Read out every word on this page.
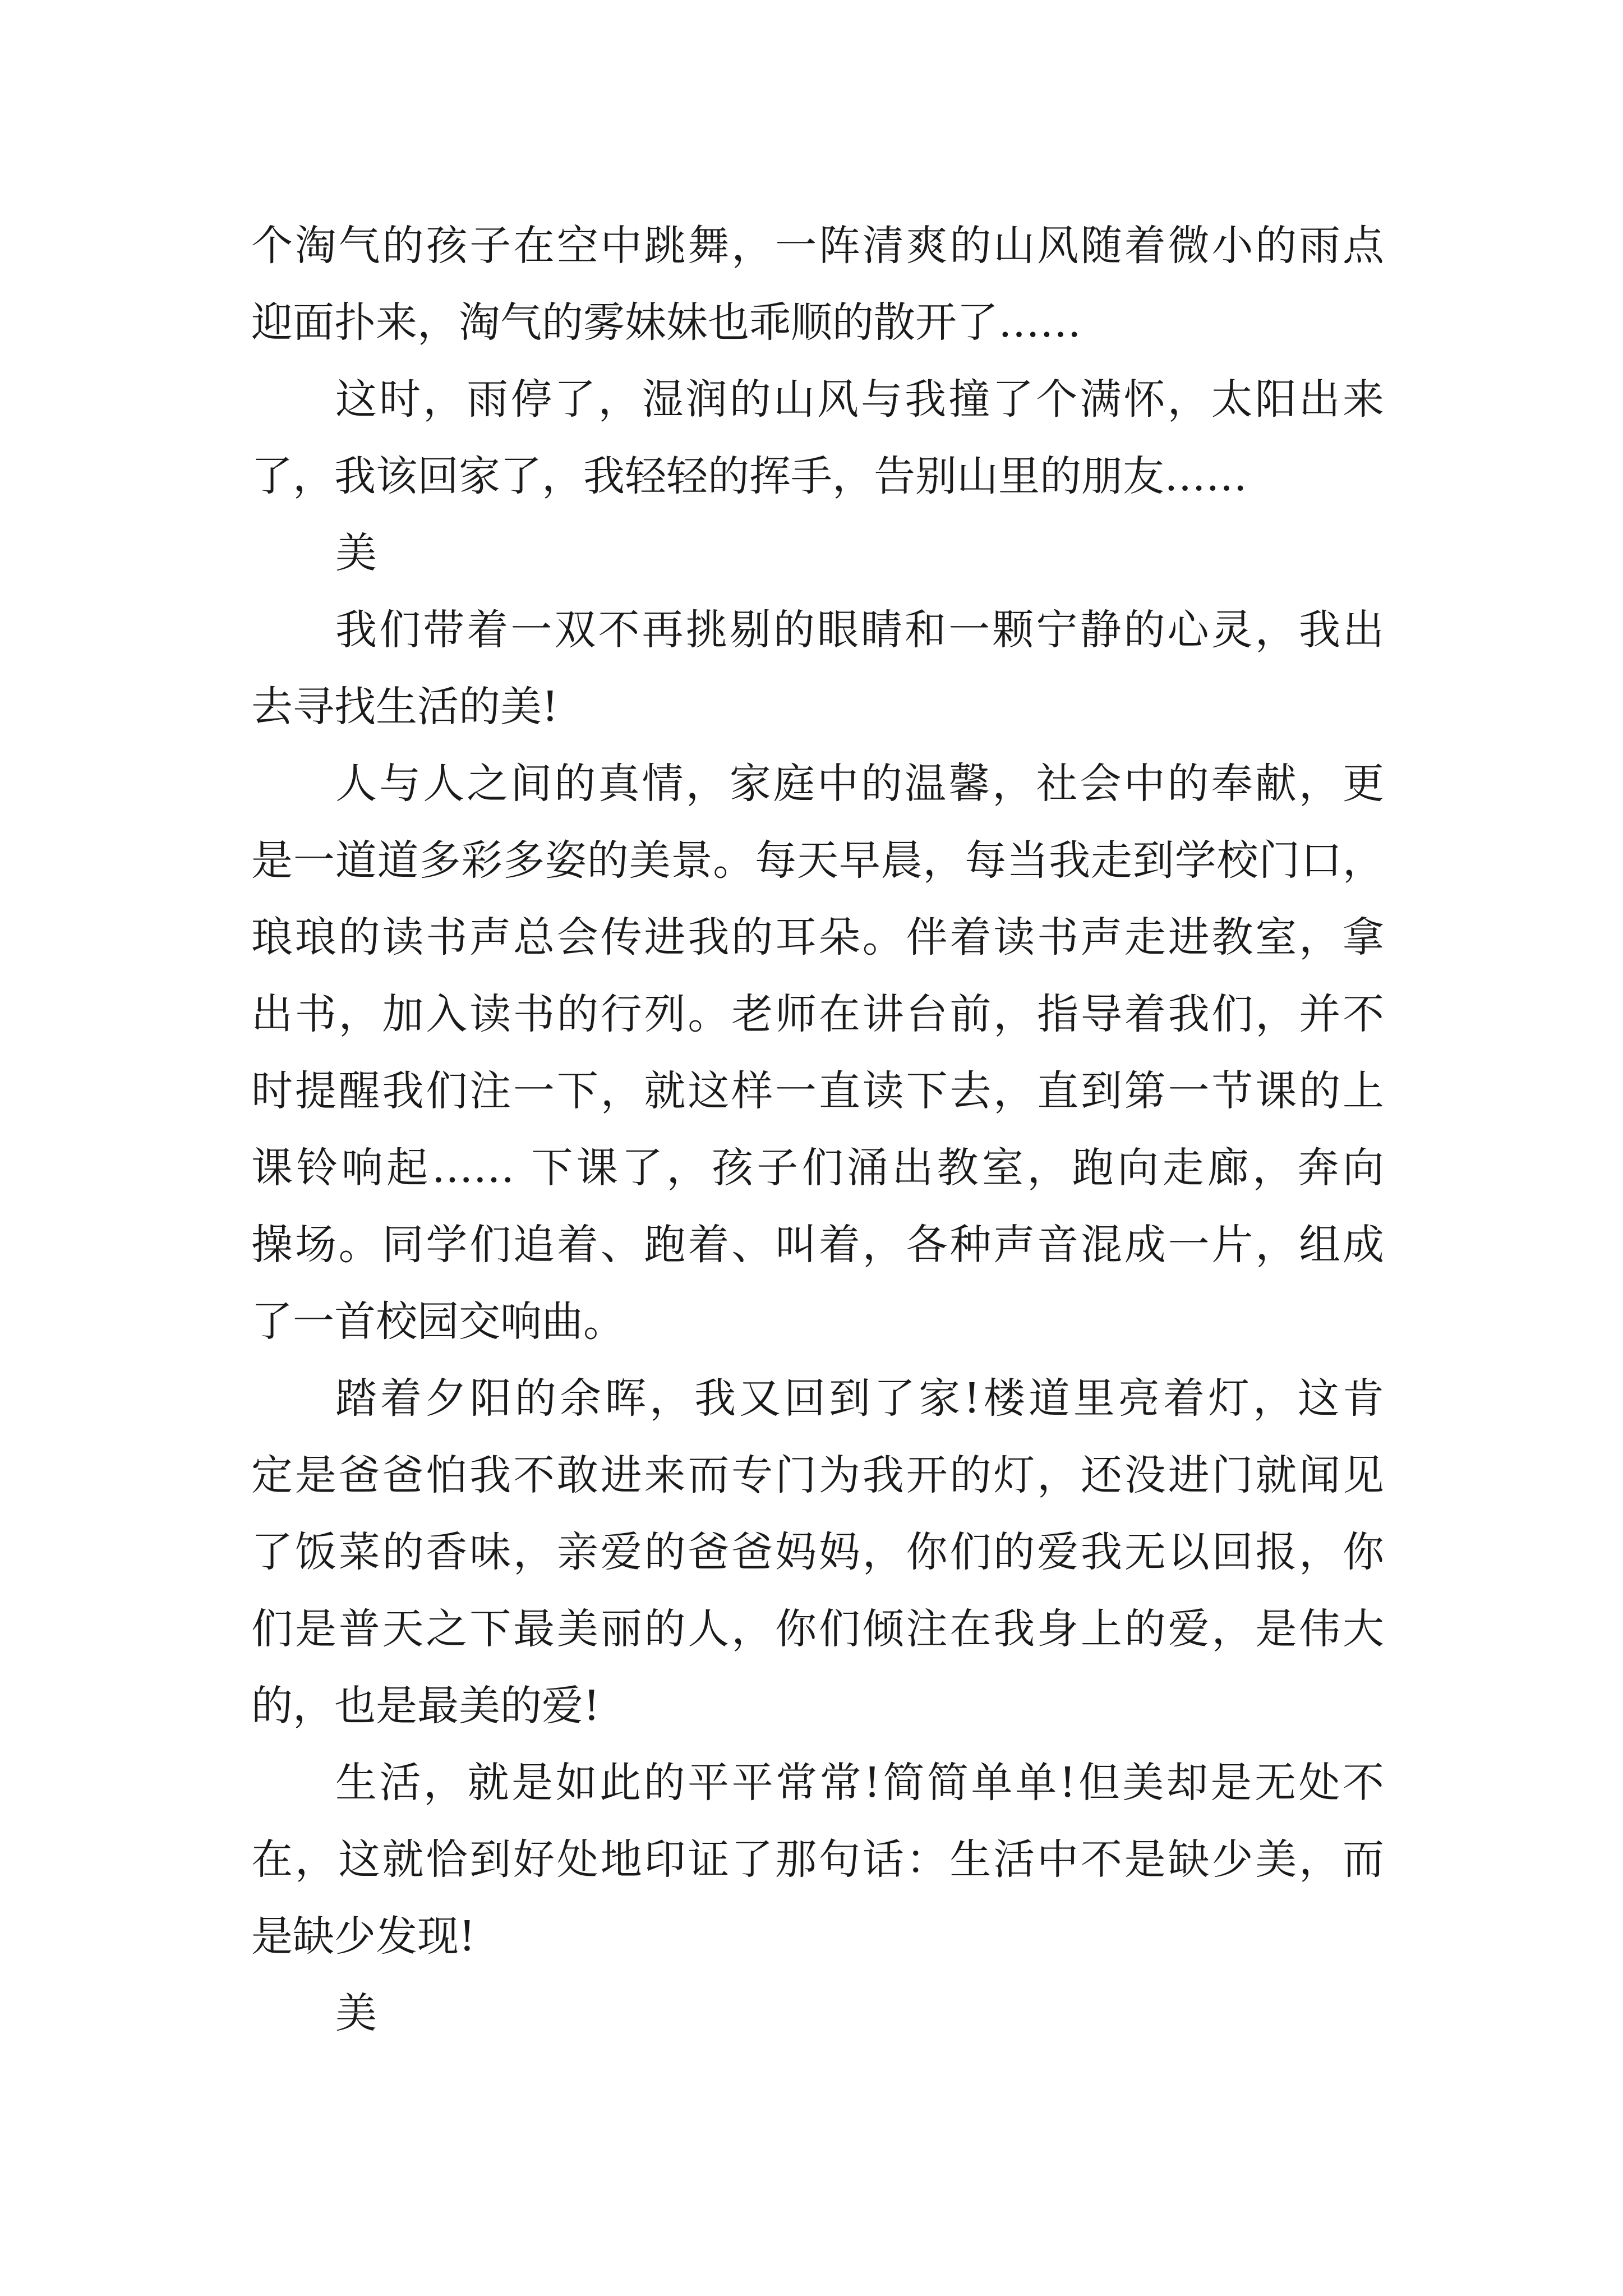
个淘气的孩子在空中跳舞，一阵清爽的山风随着微小的雨点
迎面扑来，淘气的雾妹妹也乖顺的散开了……
这时，雨停了，湿润的山风与我撞了个满怀，太阳出来
了，我该回家了，我轻轻的挥手，告别山里的朋友……
美
我们带着一双不再挑剔的眼睛和一颗宁静的心灵，我出
去寻找生活的美!
人与人之间的真情，家庭中的温馨，社会中的奉献，更
是一道道多彩多姿的美景。每天早晨，每当我走到学校门口，
琅琅的读书声总会传进我的耳朵。伴着读书声走进教室，拿
出书，加入读书的行列。老师在讲台前，指导着我们，并不
时提醒我们注一下，就这样一直读下去，直到第一节课的上
课铃响起…… 下课了，孩子们涌出教室，跑向走廊，奔向
操场。同学们追着、跑着、叫着，各种声音混成一片，组成
了一首校园交响曲。
踏着夕阳的余晖，我又回到了家!楼道里亮着灯，这肯
定是爸爸怕我不敢进来而专门为我开的灯，还没进门就闻见
了饭菜的香味，亲爱的爸爸妈妈，你们的爱我无以回报，你
们是普天之下最美丽的人，你们倾注在我身上的爱，是伟大
的，也是最美的爱!
生活，就是如此的平平常常!简简单单!但美却是无处不
在，这就恰到好处地印证了那句话：生活中不是缺少美，而
是缺少发现!
美
